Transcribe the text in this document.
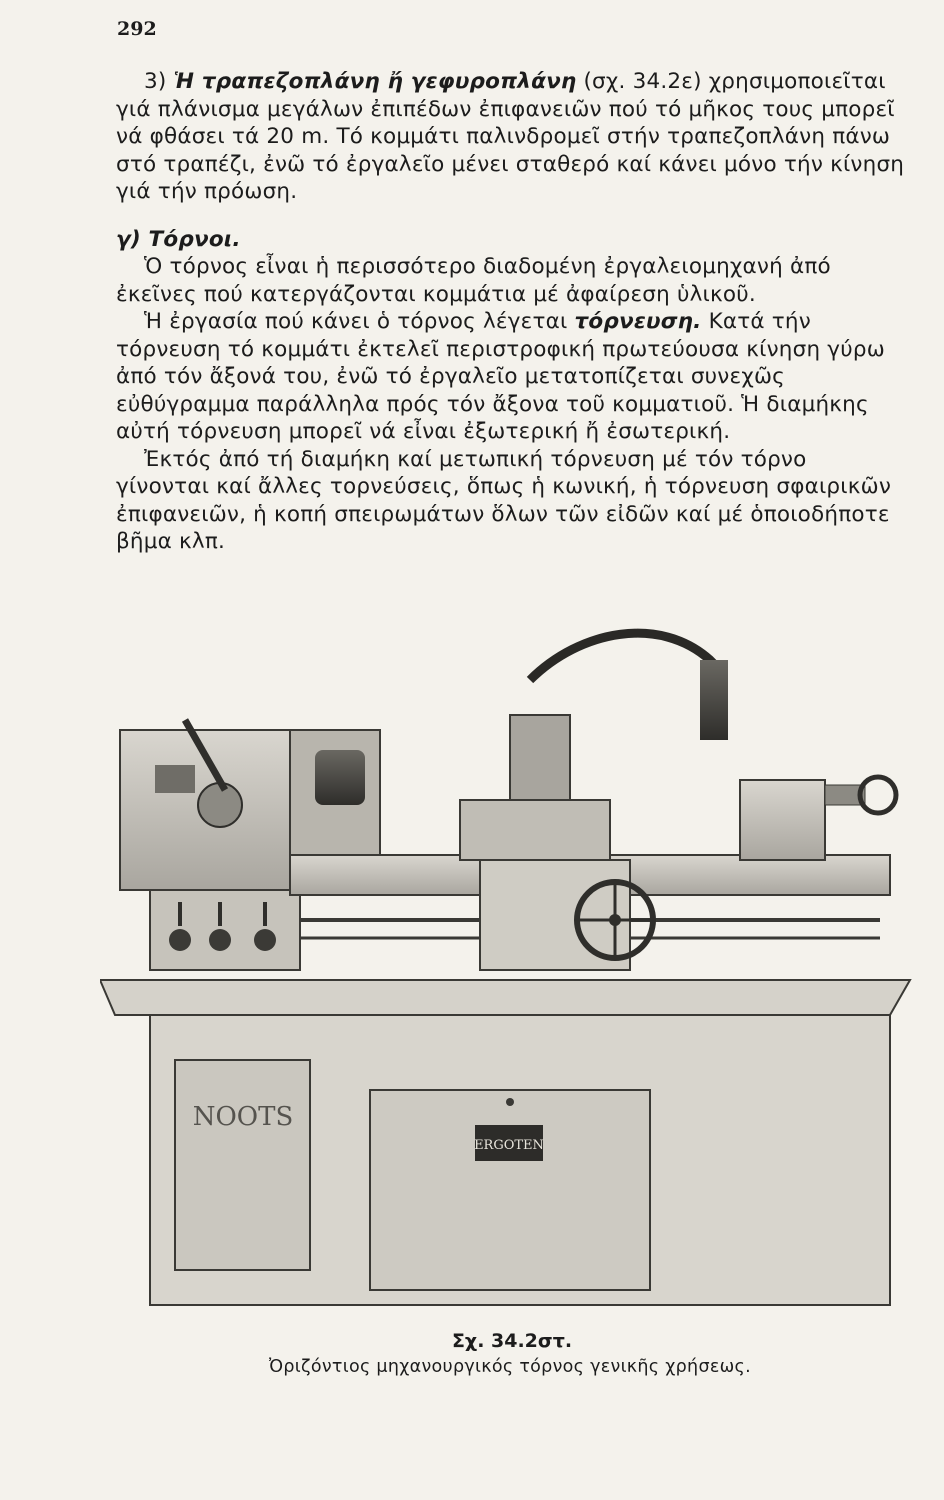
292

3) Ἡ τραπεζοπλάνη ἤ γεφυροπλάνη (σχ. 34.2ε) χρησιμοποιεῖται γιά πλάνισμα μεγάλων ἐπιπέδων ἐπιφανειῶν πού τό μῆκος τους μπορεῖ νά φθάσει τά 20 m. Τό κομμάτι παλινδρομεῖ στήν τραπεζοπλάνη πάνω στό τραπέζι, ἐνῶ τό ἐργαλεῖο μένει σταθερό καί κάνει μόνο τήν κίνηση γιά τήν πρόωση.

γ) Τόρνοι.

Ὁ τόρνος εἶναι ἡ περισσότερο διαδομένη ἐργαλειομηχανή ἀπό ἐκεῖνες πού κατεργάζονται κομμάτια μέ ἀφαίρεση ὑλικοῦ.

Ἡ ἐργασία πού κάνει ὁ τόρνος λέγεται τόρνευση. Κατά τήν τόρνευση τό κομμάτι ἐκτελεῖ περιστροφική πρωτεύουσα κίνηση γύρω ἀπό τόν ἄξονά του, ἐνῶ τό ἐργαλεῖο μετατοπίζεται συνεχῶς εὐθύγραμμα παράλληλα πρός τόν ἄξονα τοῦ κομματιοῦ. Ἡ διαμήκης αὐτή τόρνευση μπορεῖ νά εἶναι ἐξωτερική ἤ ἐσωτερική.

Ἐκτός ἀπό τή διαμήκη καί μετωπική τόρνευση μέ τόν τόρνο γίνονται καί ἄλλες τορνεύσεις, ὅπως ἡ κωνική, ἡ τόρνευση σφαιρικῶν ἐπιφανειῶν, ἡ κοπή σπειρωμάτων ὅλων τῶν εἰδῶν καί μέ ὁποιοδήποτε βῆμα κλπ.

NOOTS
ERGOTEN
Σχ. 34.2στ.
Ὀριζόντιος μηχανουργικός τόρνος γενικῆς χρήσεως.
